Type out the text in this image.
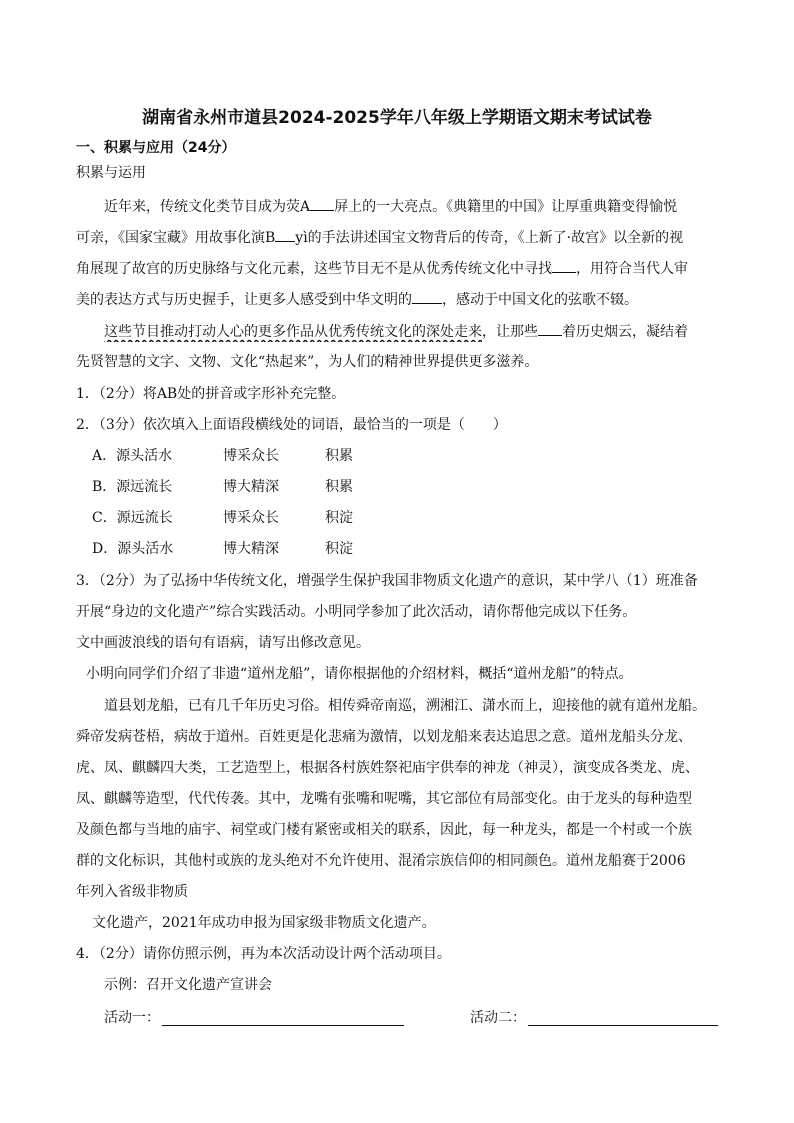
湖南省永州市道县2024-2025学年八年级上学期语文期末考试试卷
一、积累与应用（24分）
积累与运用
近年来，传统文化类节目成为荧A 屏上的一大亮点。《典籍里的中国》让厚重典籍变得愉悦
可亲，《国家宝藏》用故事化演B yì的手法讲述国宝文物背后的传奇，《上新了·故宫》以全新的视
角展现了故宫的历史脉络与文化元素，这些节目无不是从优秀传统文化中寻找 ，用符合当代人审
美的表达方式与历史握手，让更多人感受到中华文明的 ，感动于中国文化的弦歌不辍。
这些节目推动打动人心的更多作品从优秀传统文化的深处走来，让那些 着历史烟云，凝结着
先贤智慧的文字、文物、文化“热起来”，为人们的精神世界提供更多滋养。
1．（2分）将AB处的拼音或字形补充完整。
2．（3分）依次填入上面语段横线处的词语，最恰当的一项是（　　）
A．源头活水	博采众长	积累
B．源远流长	博大精深	积累
C．源远流长	博采众长	积淀
D．源头活水	博大精深	积淀
3．（2分）为了弘扬中华传统文化，增强学生保护我国非物质文化遗产的意识，某中学八（1）班准备
开展“身边的文化遗产”综合实践活动。小明同学参加了此次活动，请你帮他完成以下任务。
文中画波浪线的语句有语病，请写出修改意见。
小明向同学们介绍了非遗“道州龙船”，请你根据他的介绍材料，概括“道州龙船”的特点。
道县划龙船，已有几千年历史习俗。相传舜帝南巡，溯湘江、潇水而上，迎接他的就有道州龙船。
舜帝发病苍梧，病故于道州。百姓更是化悲痛为激情，以划龙船来表达追思之意。道州龙船头分龙、
虎、凤、麒麟四大类，工艺造型上，根据各村族姓祭祀庙宇供奉的神龙（神灵），演变成各类龙、虎、
凤、麒麟等造型，代代传袭。其中，龙嘴有张嘴和呢嘴，其它部位有局部变化。由于龙头的每种造型
及颜色都与当地的庙宇、祠堂或门楼有紧密或相关的联系，因此，每一种龙头，都是一个村或一个族
群的文化标识，其他村或族的龙头绝对不允许使用、混淆宗族信仰的相同颜色。道州龙船赛于2006
年列入省级非物质
文化遗产，2021年成功申报为国家级非物质文化遗产。
4．（2分）请你仿照示例，再为本次活动设计两个活动项目。
示例：召开文化遗产宣讲会
活动一：	活动二：
